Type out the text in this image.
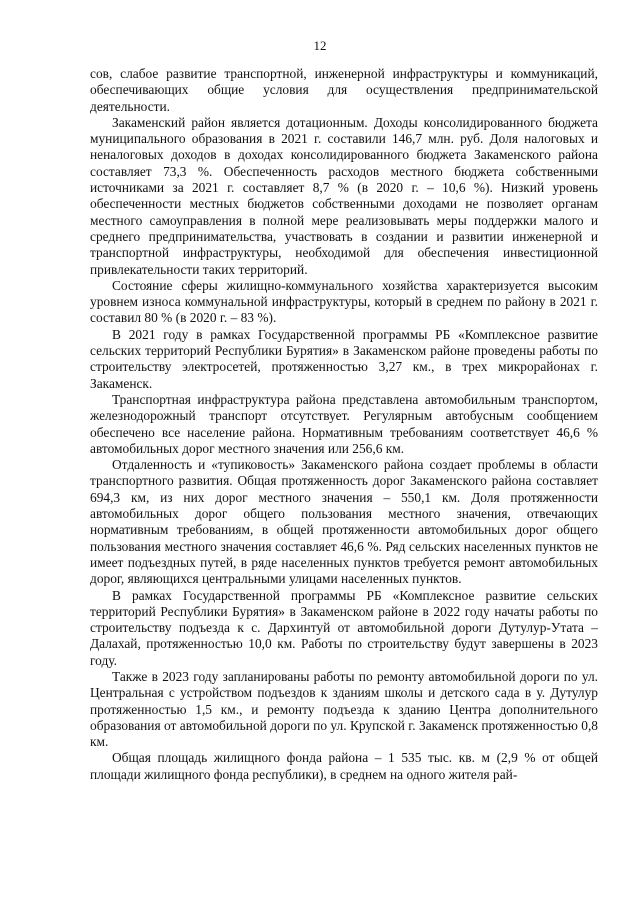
12

сов, слабое развитие транспортной, инженерной инфраструктуры и коммуникаций, обеспечивающих общие условия для осуществления предпринимательской деятельности.

Закаменский район является дотационным. Доходы консолидированного бюджета муниципального образования в 2021 г. составили 146,7 млн. руб. Доля налоговых и неналоговых доходов в доходах консолидированного бюджета Закаменского района составляет 73,3 %. Обеспеченность расходов местного бюджета собственными источниками за 2021 г. составляет 8,7 % (в 2020 г. – 10,6 %). Низкий уровень обеспеченности местных бюджетов собственными доходами не позволяет органам местного самоуправления в полной мере реализовывать меры поддержки малого и среднего предпринимательства, участвовать в создании и развитии инженерной и транспортной инфраструктуры, необходимой для обеспечения инвестиционной привлекательности таких территорий.

Состояние сферы жилищно-коммунального хозяйства характеризуется высоким уровнем износа коммунальной инфраструктуры, который в среднем по району в 2021 г. составил 80 % (в 2020 г. – 83 %).

В 2021 году в рамках Государственной программы РБ «Комплексное развитие сельских территорий Республики Бурятия» в Закаменском районе проведены работы по строительству электросетей, протяженностью 3,27 км., в трех микрорайонах г. Закаменск.

Транспортная инфраструктура района представлена автомобильным транспортом, железнодорожный транспорт отсутствует. Регулярным автобусным сообщением обеспечено все население района. Нормативным требованиям соответствует 46,6 % автомобильных дорог местного значения или 256,6 км.

Отдаленность и «тупиковость» Закаменского района создает проблемы в области транспортного развития. Общая протяженность дорог Закаменского района составляет 694,3 км, из них дорог местного значения – 550,1 км. Доля протяженности автомобильных дорог общего пользования местного значения, отвечающих нормативным требованиям, в общей протяженности автомобильных дорог общего пользования местного значения составляет 46,6 %. Ряд сельских населенных пунктов не имеет подъездных путей, в ряде населенных пунктов требуется ремонт автомобильных дорог, являющихся центральными улицами населенных пунктов.

В рамках Государственной программы РБ «Комплексное развитие сельских территорий Республики Бурятия» в Закаменском районе в 2022 году начаты работы по строительству подъезда к с. Дархинтуй от автомобильной дороги Дутулур-Утата – Далахай, протяженностью 10,0 км. Работы по строительству будут завершены в 2023 году.

Также в 2023 году запланированы работы по ремонту автомобильной дороги по ул. Центральная с устройством подъездов к зданиям школы и детского сада в у. Дутулур протяженностью 1,5 км., и ремонту подъезда к зданию Центра дополнительного образования от автомобильной дороги по ул. Крупской г. Закаменск протяженностью 0,8 км.

Общая площадь жилищного фонда района – 1 535 тыс. кв. м (2,9 % от общей площади жилищного фонда республики), в среднем на одного жителя рай-
